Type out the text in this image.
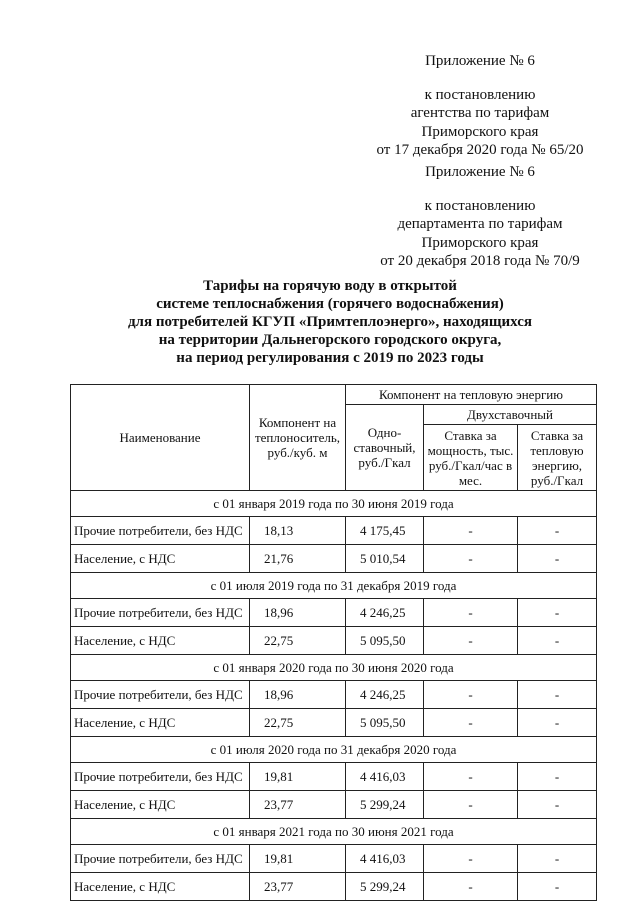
Приложение № 6
к постановлению
агентства по тарифам
Приморского края
от 17 декабря 2020 года № 65/20
Приложение № 6
к постановлению
департамента по тарифам
Приморского края
от 20 декабря 2018 года № 70/9
Тарифы на горячую воду в открытой
системе теплоснабжения (горячего водоснабжения)
для потребителей КГУП «Примтеплоэнерго», находящихся
на территории Дальнегорского городского округа,
на период регулирования с 2019 по 2023 годы
Наименование	Компонент на теплоноситель, руб./куб. м	Компонент на тепловую энергию		
		Одно-ставочный, руб./Гкал	Двухставочный	
			Ставка за мощность, тыс. руб./Гкал/час в мес.	Ставка за тепловую энергию, руб./Гкал
с 01 января 2019 года по 30 июня 2019 года				
Прочие потребители, без НДС	18,13	4 175,45	-	-
Население, с НДС	21,76	5 010,54	-	-
с 01 июля 2019 года по 31 декабря 2019 года				
Прочие потребители, без НДС	18,96	4 246,25	-	-
Население, с НДС	22,75	5 095,50	-	-
с 01 января 2020 года по 30 июня 2020 года				
Прочие потребители, без НДС	18,96	4 246,25	-	-
Население, с НДС	22,75	5 095,50	-	-
с 01 июля 2020 года по 31 декабря 2020 года				
Прочие потребители, без НДС	19,81	4 416,03	-	-
Население, с НДС	23,77	5 299,24	-	-
с 01 января 2021 года по 30 июня 2021 года				
Прочие потребители, без НДС	19,81	4 416,03	-	-
Население, с НДС	23,77	5 299,24	-	-
